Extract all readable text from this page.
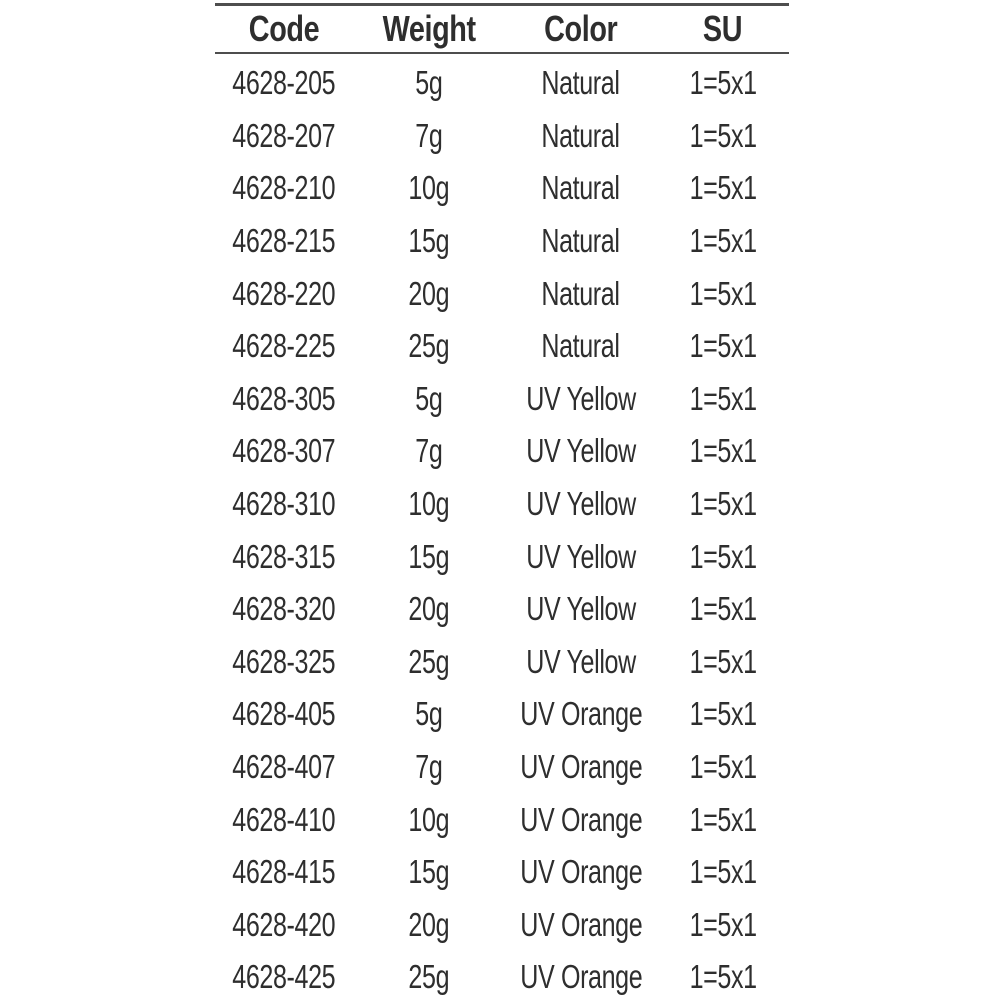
Code Weight Color SU
4628-205 5g	Natural 1=5x1
4628-207 7g	Natural 1=5x1
4628-210 10g	Natural 1=5x1
4628-215 15g	Natural 1=5x1
4628-220 20g	Natural 1=5x1
4628-225 25g	Natural 1=5x1
4628-305 5g	UV Yellow 1=5x1
4628-307 7g	UV Yellow 1=5x1
4628-310 10g UV Yellow 1=5x1
4628-315 15g UV Yellow 1=5x1
4628-320 20g UV Yellow 1=5x1
4628-325 25g UV Yellow 1=5x1
4628-405 5g UV Orange 1=5x1
4628-407 7g UV Orange 1=5x1
4628-410 10g UV Orange 1=5x1
4628-415 15g UV Orange 1=5x1
4628-420 20g UV Orange 1=5x1
4628-425 25g UV Orange 1=5x1
